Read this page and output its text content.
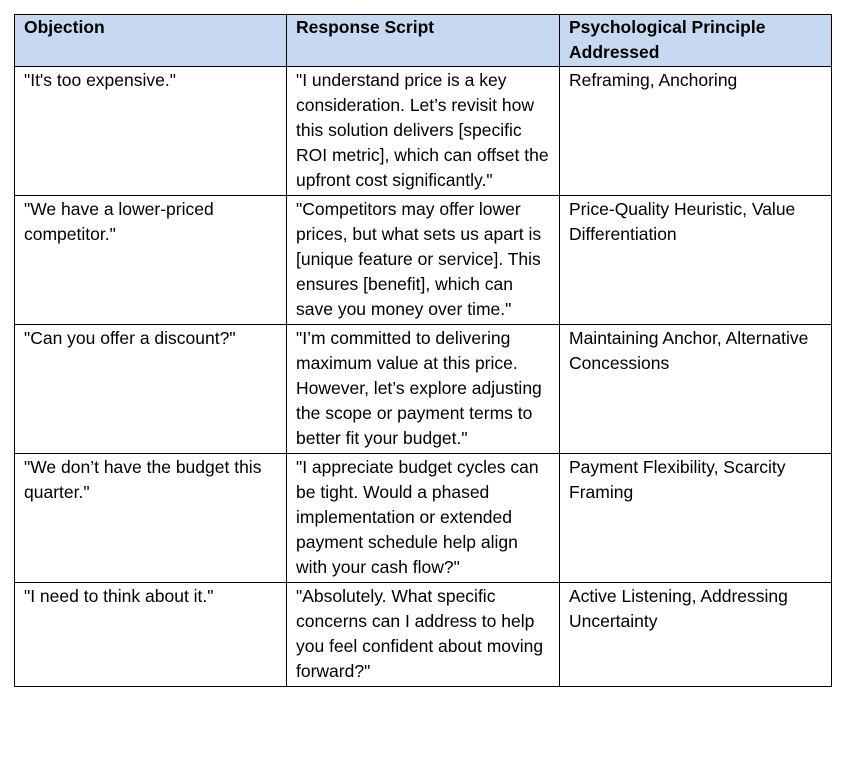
Objection	Response Script	Psychological Principle Addressed
"It's too expensive."	"I understand price is a key consideration. Let’s revisit how this solution delivers [specific ROI metric], which can offset the upfront cost significantly."	Reframing, Anchoring
"We have a lower-priced competitor."	"Competitors may offer lower prices, but what sets us apart is [unique feature or service]. This ensures [benefit], which can save you money over time."	Price-Quality Heuristic, Value Differentiation
"Can you offer a discount?"	"I’m committed to delivering maximum value at this price. However, let’s explore adjusting the scope or payment terms to better fit your budget."	Maintaining Anchor, Alternative Concessions
"We don’t have the budget this quarter."	"I appreciate budget cycles can be tight. Would a phased implementation or extended payment schedule help align with your cash flow?"	Payment Flexibility, Scarcity Framing
"I need to think about it."	"Absolutely. What specific concerns can I address to help you feel confident about moving forward?"	Active Listening, Addressing Uncertainty
